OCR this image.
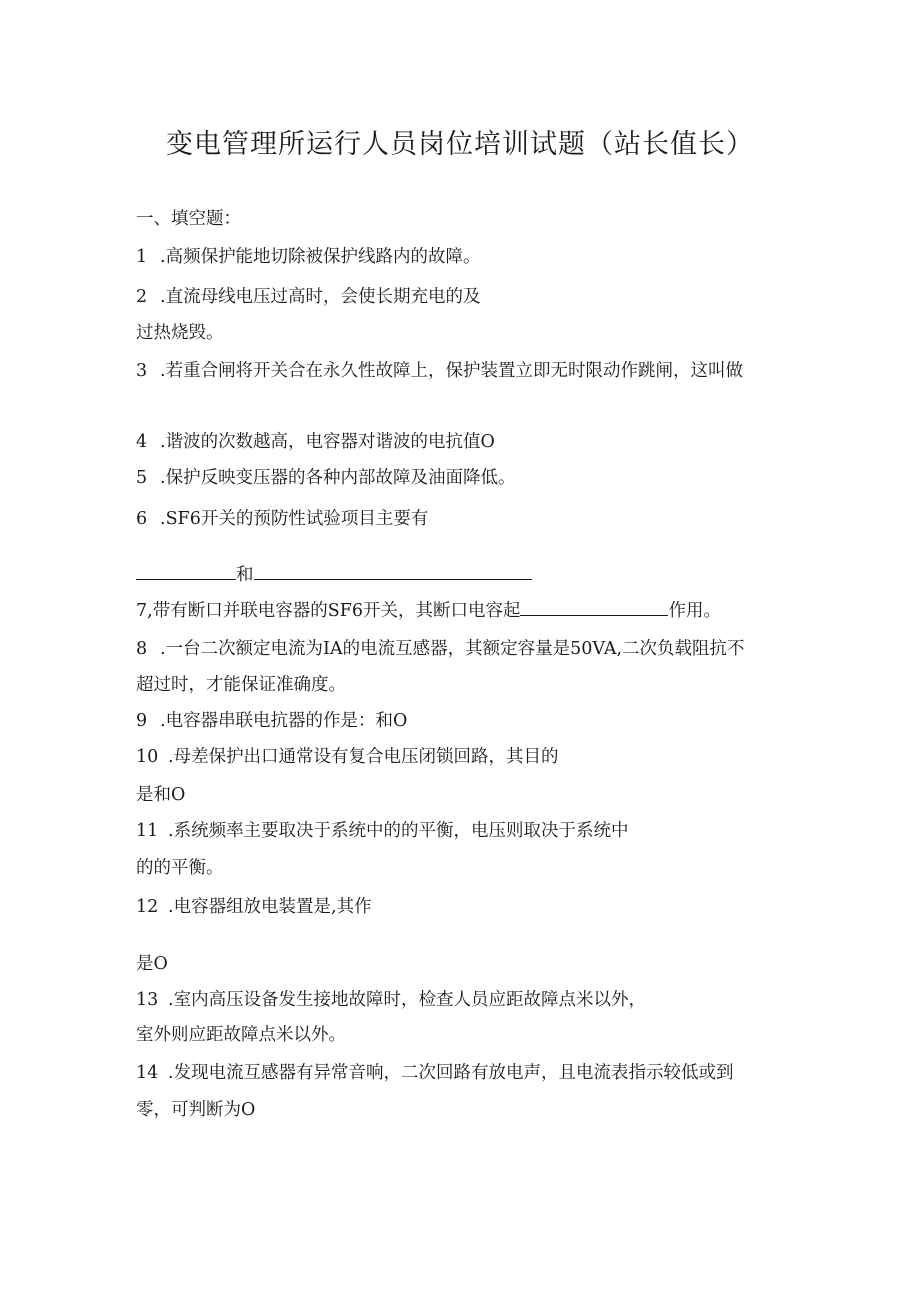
变电管理所运行人员岗位培训试题（站长值长）
一、填空题：
1 .高频保护能地切除被保护线路内的故障。
2 .直流母线电压过高时，会使长期充电的及
过热烧毁。
3 .若重合闸将开关合在永久性故障上，保护装置立即无时限动作跳闸，这叫做
4 .谐波的次数越高，电容器对谐波的电抗值O
5 .保护反映变压器的各种内部故障及油面降低。
6 .SF6开关的预防性试验项目主要有
和
7,带有断口并联电容器的SF6开关，其断口电容起	作用。
8 .一台二次额定电流为IA的电流互感器，其额定容量是50VA,二次负载阻抗不
超过时，才能保证准确度。
9 .电容器串联电抗器的作是：和O
10 .母差保护出口通常设有复合电压闭锁回路，其目的
是和O
11 .系统频率主要取决于系统中的的平衡，电压则取决于系统中
的的平衡。
12 .电容器组放电装置是,其作
是O
13 .室内高压设备发生接地故障时，检查人员应距故障点米以外，
室外则应距故障点米以外。
14 .发现电流互感器有异常音响，二次回路有放电声，且电流表指示较低或到
零，可判断为O
